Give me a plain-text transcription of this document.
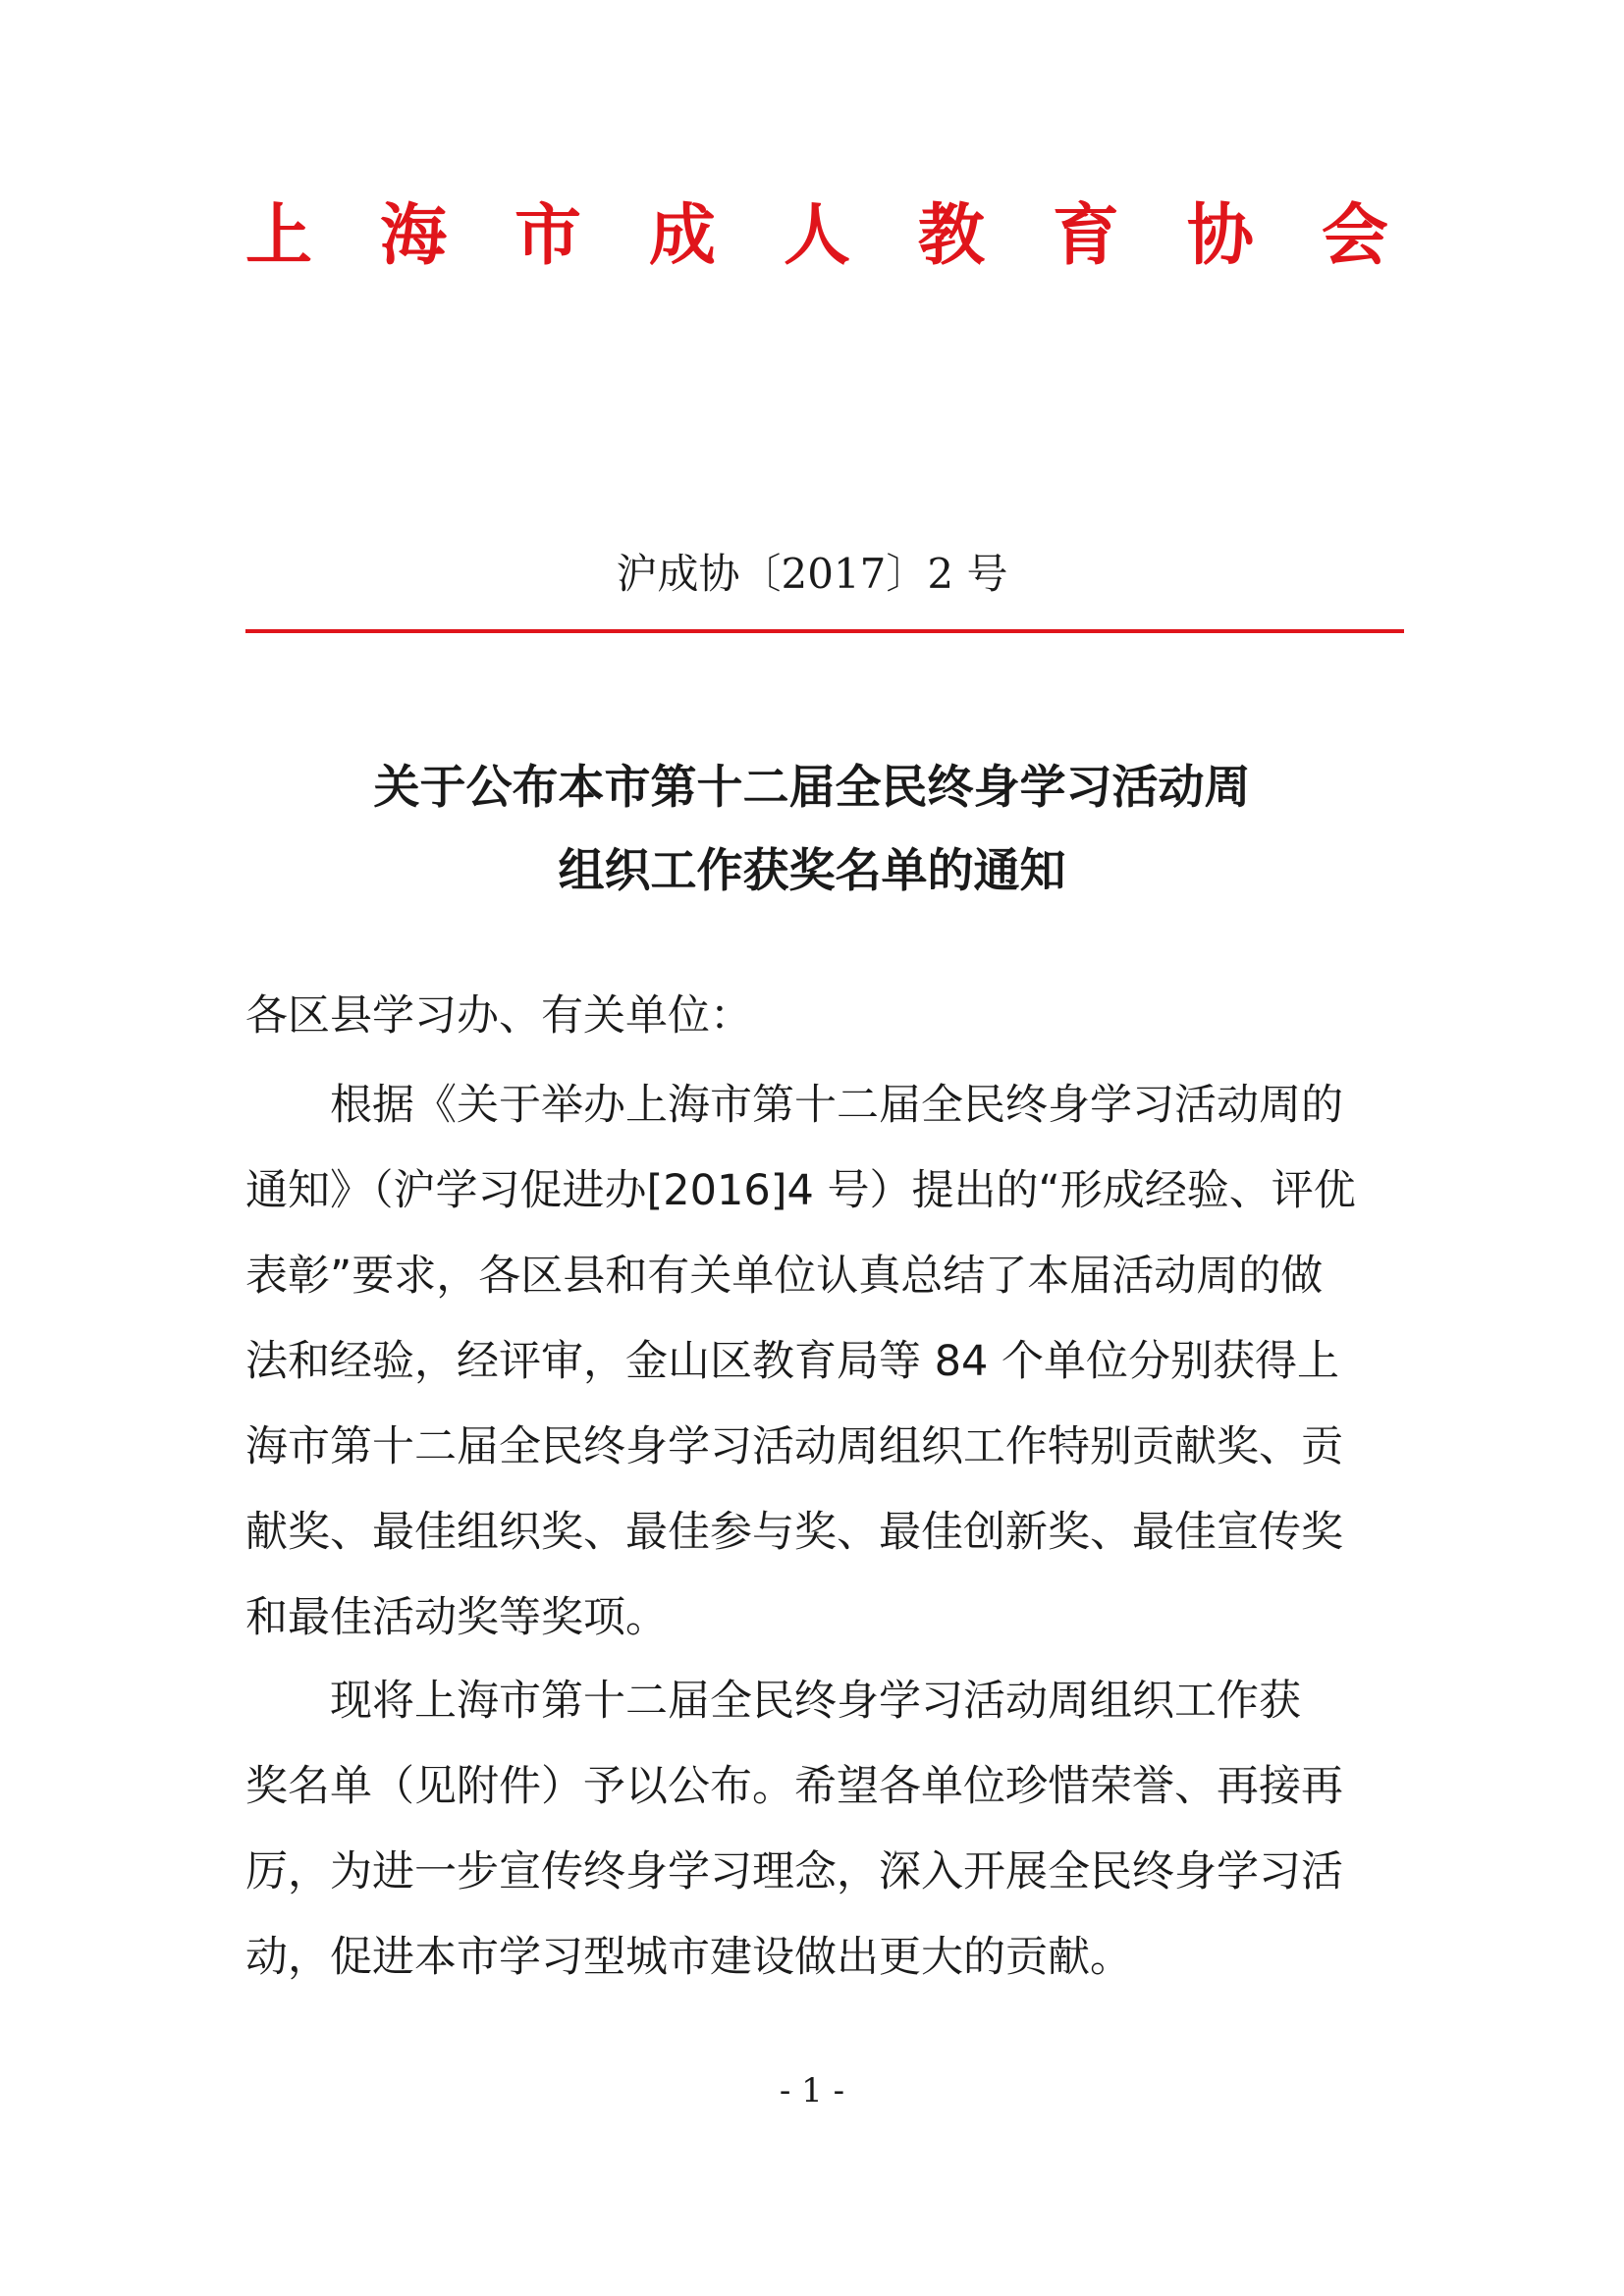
上 海 市 成 人 教 育 协 会
沪成协〔2017〕2 号
关于公布本市第十二届全民终身学习活动周
组织工作获奖名单的通知
各区县学习办、有关单位：
　　根据《关于举办上海市第十二届全民终身学习活动周的
通知》（沪学习促进办[2016]4 号）提出的“形成经验、评优
表彰”要求，各区县和有关单位认真总结了本届活动周的做
法和经验，经评审，金山区教育局等 84 个单位分别获得上
海市第十二届全民终身学习活动周组织工作特别贡献奖、贡
献奖、最佳组织奖、最佳参与奖、最佳创新奖、最佳宣传奖
和最佳活动奖等奖项。
　　现将上海市第十二届全民终身学习活动周组织工作获
奖名单（见附件）予以公布。希望各单位珍惜荣誉、再接再
厉，为进一步宣传终身学习理念，深入开展全民终身学习活
动，促进本市学习型城市建设做出更大的贡献。
- 1 -
